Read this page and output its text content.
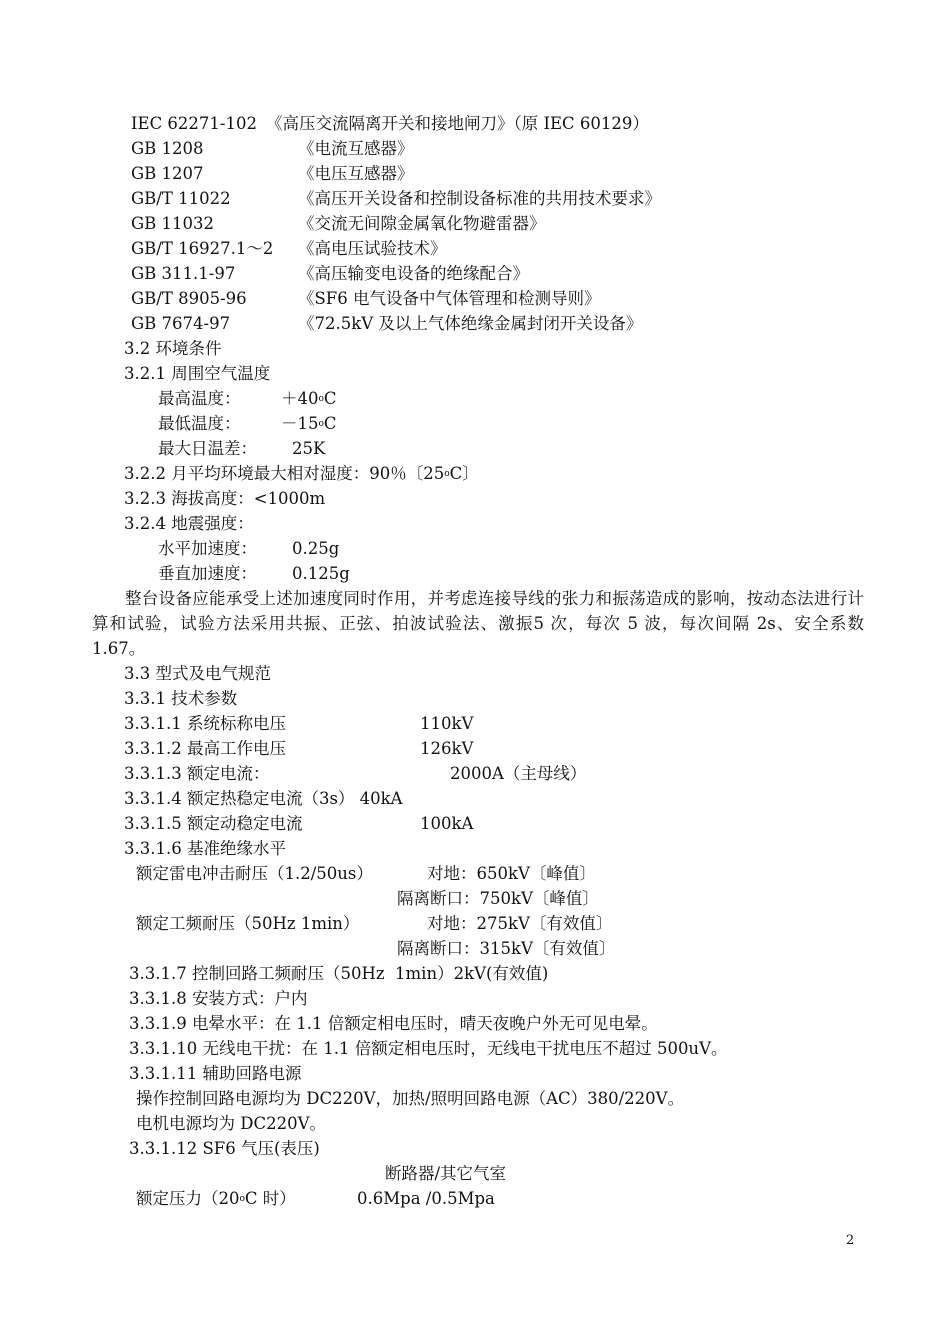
IEC 62271-102 《高压交流隔离开关和接地闸刀》（原 IEC 60129）
GB 1208	《电流互感器》
GB 1207	《电压互感器》
GB/T 11022	《高压开关设备和控制设备标准的共用技术要求》
GB 11032	《交流无间隙金属氧化物避雷器》
GB/T 16927.1～2 《高电压试验技术》
GB 311.1-97	《高压输变电设备的绝缘配合》
GB/T 8905-96	《SF6 电气设备中气体管理和检测导则》
GB 7674-97	《72.5kV 及以上气体绝缘金属封闭开关设备》
3.2 环境条件
3.2.1 周围空气温度
最高温度： $+40^oC$
最低温度： $-15^oC$
最大日温差： 25K
3.2.2 月平均环境最大相对湿度：90％〔25$^o$C〕
3.2.3 海拔高度：<1000m
3.2.4 地震强度：
水平加速度： 0.25g
垂直加速度： 0.125g
整台设备应能承受上述加速度同时作用，并考虑连接导线的张力和振荡造成的影响，按动态法进行计算和试验，试验方法采用共振、正弦、拍波试验法、激振5 次，每次 5 波，每次间隔 2s、安全系数 1.67。
3.3 型式及电气规范
3.3.1 技术参数
3.3.1.1 系统标称电压	110kV
3.3.1.2 最高工作电压	126kV
3.3.1.3 额定电流：	2000A（主母线）
3.3.1.4 额定热稳定电流（3s） 40kA
3.3.1.5 额定动稳定电流	100kA
3.3.1.6 基准绝缘水平
额定雷电冲击耐压（1.2/50us）	对地：650kV〔峰值〕
隔离断口：750kV〔峰值〕
额定工频耐压（50Hz 1min）	对地：275kV〔有效值〕
隔离断口：315kV〔有效值〕
3.3.1.7 控制回路工频耐压（50Hz  1min）2kV(有效值)
3.3.1.8 安装方式：户内
3.3.1.9 电晕水平：在 1.1 倍额定相电压时，晴天夜晚户外无可见电晕。
3.3.1.10 无线电干扰：在 1.1 倍额定相电压时，无线电干扰电压不超过 500uV。
3.3.1.11 辅助回路电源
操作控制回路电源均为 DC220V，加热/照明回路电源（AC）380/220V。
电机电源均为 DC220V。
3.3.1.12 SF6 气压(表压)
断路器/其它气室
额定压力（20$^o$C 时）	0.6Mpa /0.5Mpa
2
